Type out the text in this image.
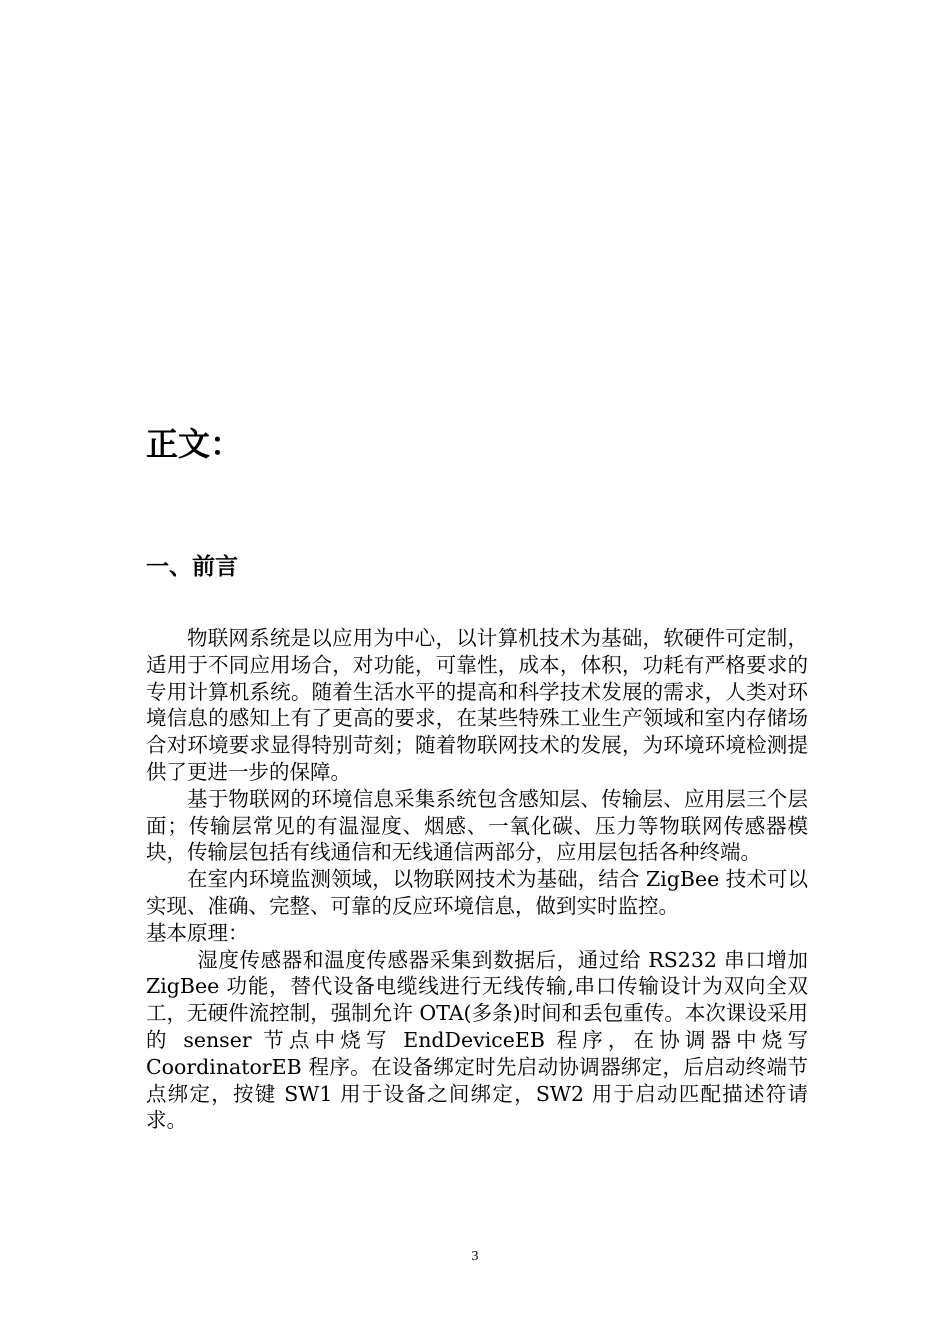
正文：
一、前言

物联网系统是以应用为中心，以计算机技术为基础，软硬件可定制，适用于不同应用场合，对功能，可靠性，成本，体积，功耗有严格要求的专用计算机系统。随着生活水平的提高和科学技术发展的需求，人类对环境信息的感知上有了更高的要求，在某些特殊工业生产领域和室内存储场合对环境要求显得特别苛刻；随着物联网技术的发展，为环境环境检测提供了更进一步的保障。

基于物联网的环境信息采集系统包含感知层、传输层、应用层三个层面；传输层常见的有温湿度、烟感、一氧化碳、压力等物联网传感器模块，传输层包括有线通信和无线通信两部分，应用层包括各种终端。

在室内环境监测领域，以物联网技术为基础，结合 ZigBee 技术可以实现、准确、完整、可靠的反应环境信息，做到实时监控。

基本原理：

湿度传感器和温度传感器采集到数据后，通过给 RS232 串口增加 ZigBee 功能，替代设备电缆线进行无线传输,串口传输设计为双向全双工，无硬件流控制，强制允许 OTA(多条)时间和丢包重传。本次课设采用的 senser 节点中烧写 EndDeviceEB 程序，在协调器中烧写 CoordinatorEB 程序。在设备绑定时先启动协调器绑定，后启动终端节点绑定，按键 SW1 用于设备之间绑定，SW2 用于启动匹配描述符请求。

3
